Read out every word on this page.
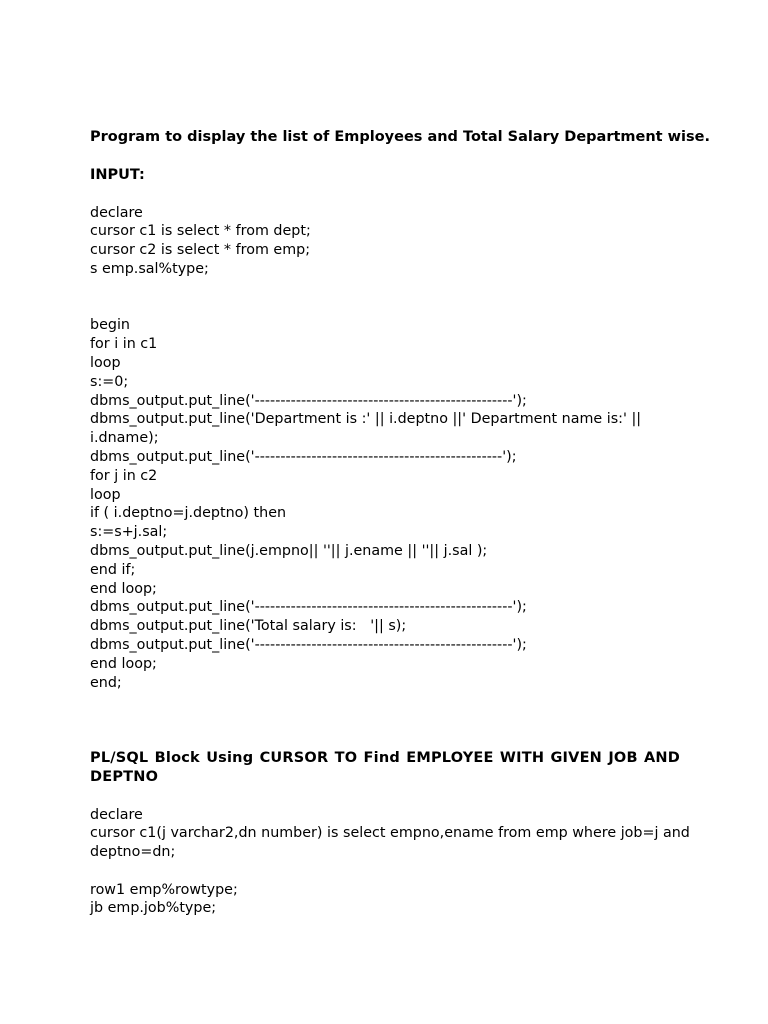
Program to display the list of Employees and Total Salary Department wise.

INPUT:

declare

cursor c1 is select * from dept;

cursor c2 is select * from emp;

s emp.sal%type;

begin

for i in c1

loop

s:=0;

dbms_output.put_line('--------------------------------------------------');

dbms_output.put_line('Department is :' || i.deptno ||' Department name is:' ||

i.dname);

dbms_output.put_line('------------------------------------------------');

for j in c2

loop

if ( i.deptno=j.deptno) then

s:=s+j.sal;

dbms_output.put_line(j.empno|| ''|| j.ename || ''|| j.sal );

end if;

end loop;

dbms_output.put_line('--------------------------------------------------');

dbms_output.put_line('Total salary is:   '|| s);

dbms_output.put_line('--------------------------------------------------');

end loop;

end;

PL/SQL Block Using CURSOR TO Find EMPLOYEE WITH GIVEN JOB AND DEPTNO

declare

cursor c1(j varchar2,dn number) is select empno,ename from emp where job=j and

deptno=dn;

row1 emp%rowtype;

jb emp.job%type;
